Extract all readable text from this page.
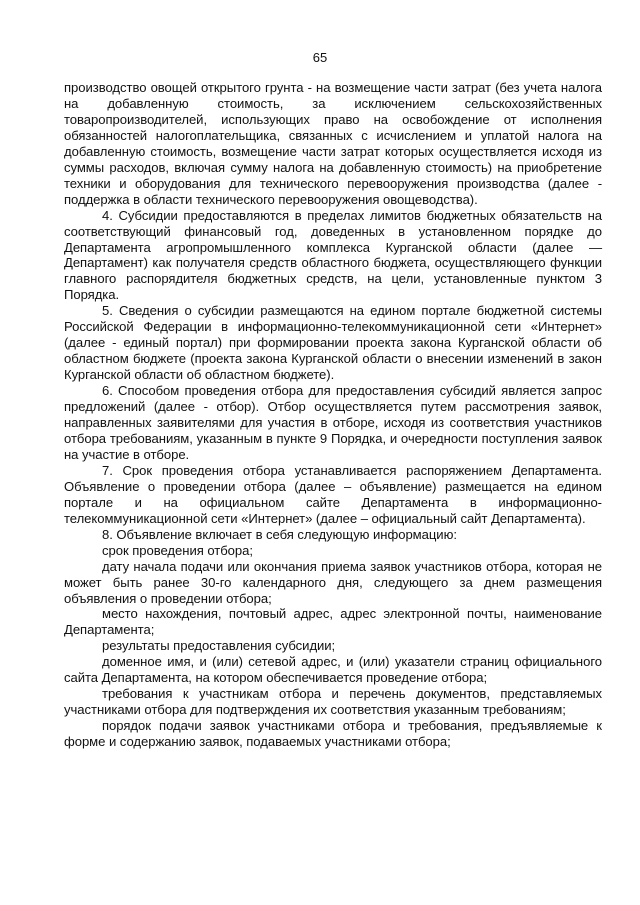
65

производство овощей открытого грунта - на возмещение части затрат (без учета налога на добавленную стоимость, за исключением сельскохозяйственных товаропроизводителей, использующих право на освобождение от исполнения обязанностей налогоплательщика, связанных с исчислением и уплатой налога на добавленную стоимость, возмещение части затрат которых осуществляется исходя из суммы расходов, включая сумму налога на добавленную стоимость) на приобретение техники и оборудования для технического перевооружения производства (далее - поддержка в области технического перевооружения овощеводства).

4. Субсидии предоставляются в пределах лимитов бюджетных обязательств на соответствующий финансовый год, доведенных в установленном порядке до Департамента агропромышленного комплекса Курганской области (далее — Департамент) как получателя средств областного бюджета, осуществляющего функции главного распорядителя бюджетных средств, на цели, установленные пунктом 3 Порядка.

5. Сведения о субсидии размещаются на едином портале бюджетной системы Российской Федерации в информационно-телекоммуникационной сети «Интернет» (далее - единый портал) при формировании проекта закона Курганской области об областном бюджете (проекта закона Курганской области о внесении изменений в закон Курганской области об областном бюджете).

6. Способом проведения отбора для предоставления субсидий является запрос предложений (далее - отбор). Отбор осуществляется путем рассмотрения заявок, направленных заявителями для участия в отборе, исходя из соответствия участников отбора требованиям, указанным в пункте 9 Порядка, и очередности поступления заявок на участие в отборе.

7. Срок проведения отбора устанавливается распоряжением Департамента. Объявление о проведении отбора (далее – объявление) размещается на едином портале и на официальном сайте Департамента в информационно-телекоммуникационной сети «Интернет» (далее – официальный сайт Департамента).

8. Объявление включает в себя следующую информацию:

срок проведения отбора;

дату начала подачи или окончания приема заявок участников отбора, которая не может быть ранее 30-го календарного дня, следующего за днем размещения объявления о проведении отбора;

место нахождения, почтовый адрес, адрес электронной почты, наименование Департамента;

результаты предоставления субсидии;

доменное имя, и (или) сетевой адрес, и (или) указатели страниц официального сайта Департамента, на котором обеспечивается проведение отбора;

требования к участникам отбора и перечень документов, представляемых участниками отбора для подтверждения их соответствия указанным требованиям;

порядок подачи заявок участниками отбора и требования, предъявляемые к форме и содержанию заявок, подаваемых участниками отбора;
